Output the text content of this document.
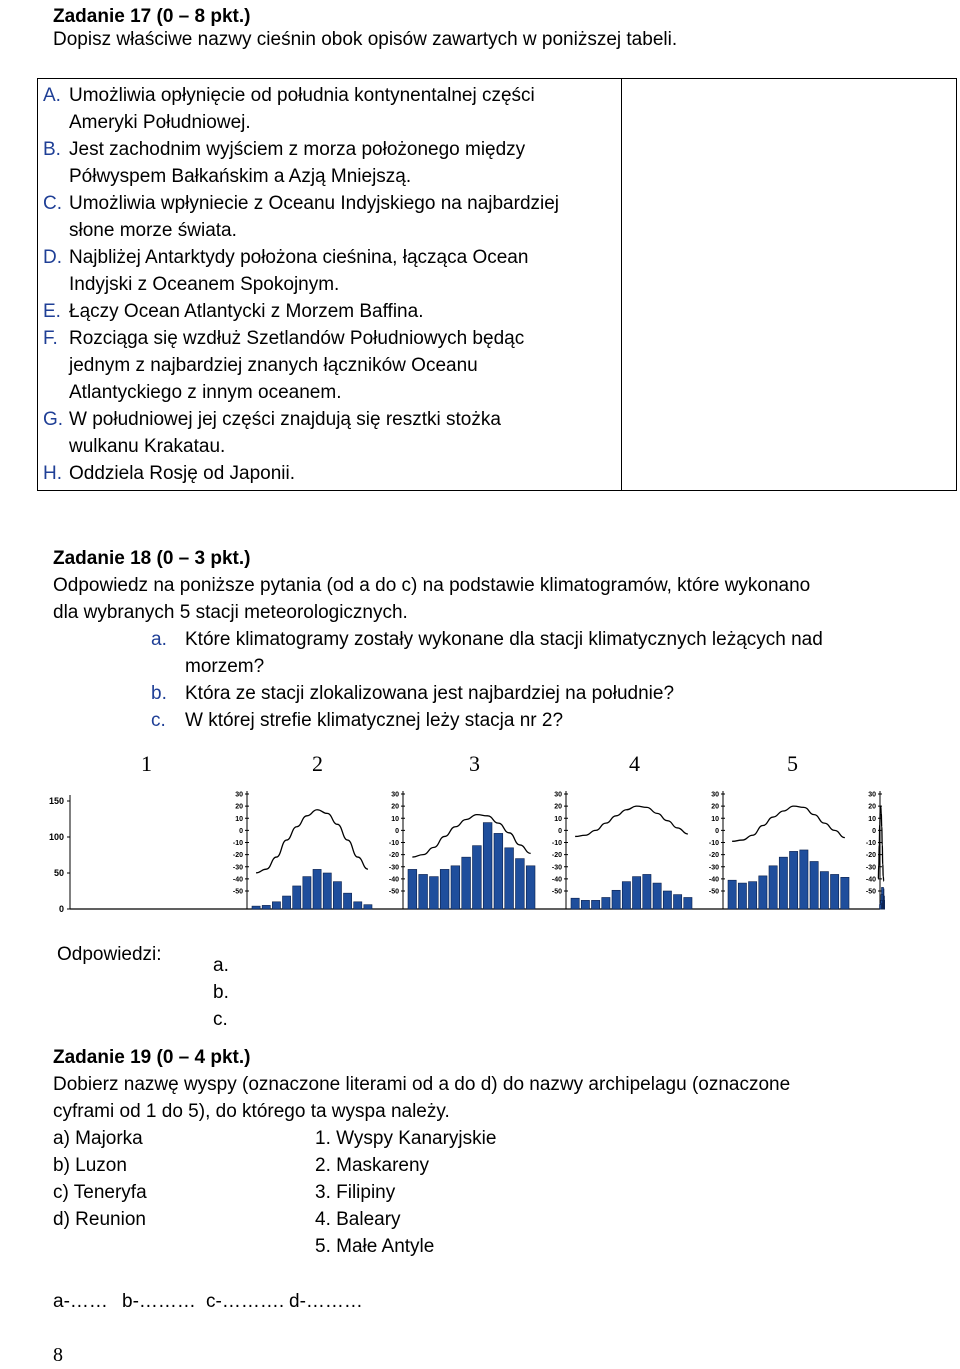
Zadanie 17 (0 – 8 pkt.)
Dopisz właściwe nazwy cieśnin obok opisów zawartych w poniższej tabeli.
A. Umożliwia opłynięcie od południa kontynentalnej części
Ameryki Południowej.
B. Jest zachodnim wyjściem z morza położonego między
Półwyspem Bałkańskim a Azją Mniejszą.
C. Umożliwia wpłyniecie z Oceanu Indyjskiego na najbardziej
słone morze świata.
D. Najbliżej Antarktydy położona cieśnina, łącząca Ocean
Indyjski z Oceanem Spokojnym.
E. Łączy Ocean Atlantycki z Morzem Baffina.
F. Rozciąga się wzdłuż Szetlandów Południowych będąc
jednym z najbardziej znanych łączników Oceanu
Atlantyckiego z innym oceanem.
G. W południowej jej części znajdują się resztki stożka
wulkanu Krakatau.
H. Oddziela Rosję od Japonii.

Zadanie 18 (0 – 3 pkt.)
Odpowiedz na poniższe pytania (od a do c) na podstawie klimatogramów, które wykonano
dla wybranych 5 stacji meteorologicznych.
a. Które klimatogramy zostały wykonane dla stacji klimatycznych leżących nad
morzem?
b. Która ze stacji zlokalizowana jest najbardziej na południe?
c. W której strefie klimatycznej leży stacja nr 2?
1	2	3	4	5
150
100
50
0
30
20
10
0
-10
-20
-30
-40
-50
30
20
10
0
-10
-20
-30
-40
-50
30
20
10
0
-10
-20
-30
-40
-50
30
20
10
0
-10
-20
-30
-40
-50
30
20
10
0
-10
-20
-30
-40
-50
Odpowiedzi:
a.
b.
c.
Zadanie 19 (0 – 4 pkt.)
Dobierz nazwę wyspy (oznaczone literami od a do d) do nazwy archipelagu (oznaczone
cyframi od 1 do 5), do którego ta wyspa należy.
a) Majorka
b) Luzon
c) Teneryfa
d) Reunion
1. Wyspy Kanaryjskie
2. Maskareny
3. Filipiny
4. Baleary
5. Małe Antyle
a-…… b-……… c-………. d-………
8
